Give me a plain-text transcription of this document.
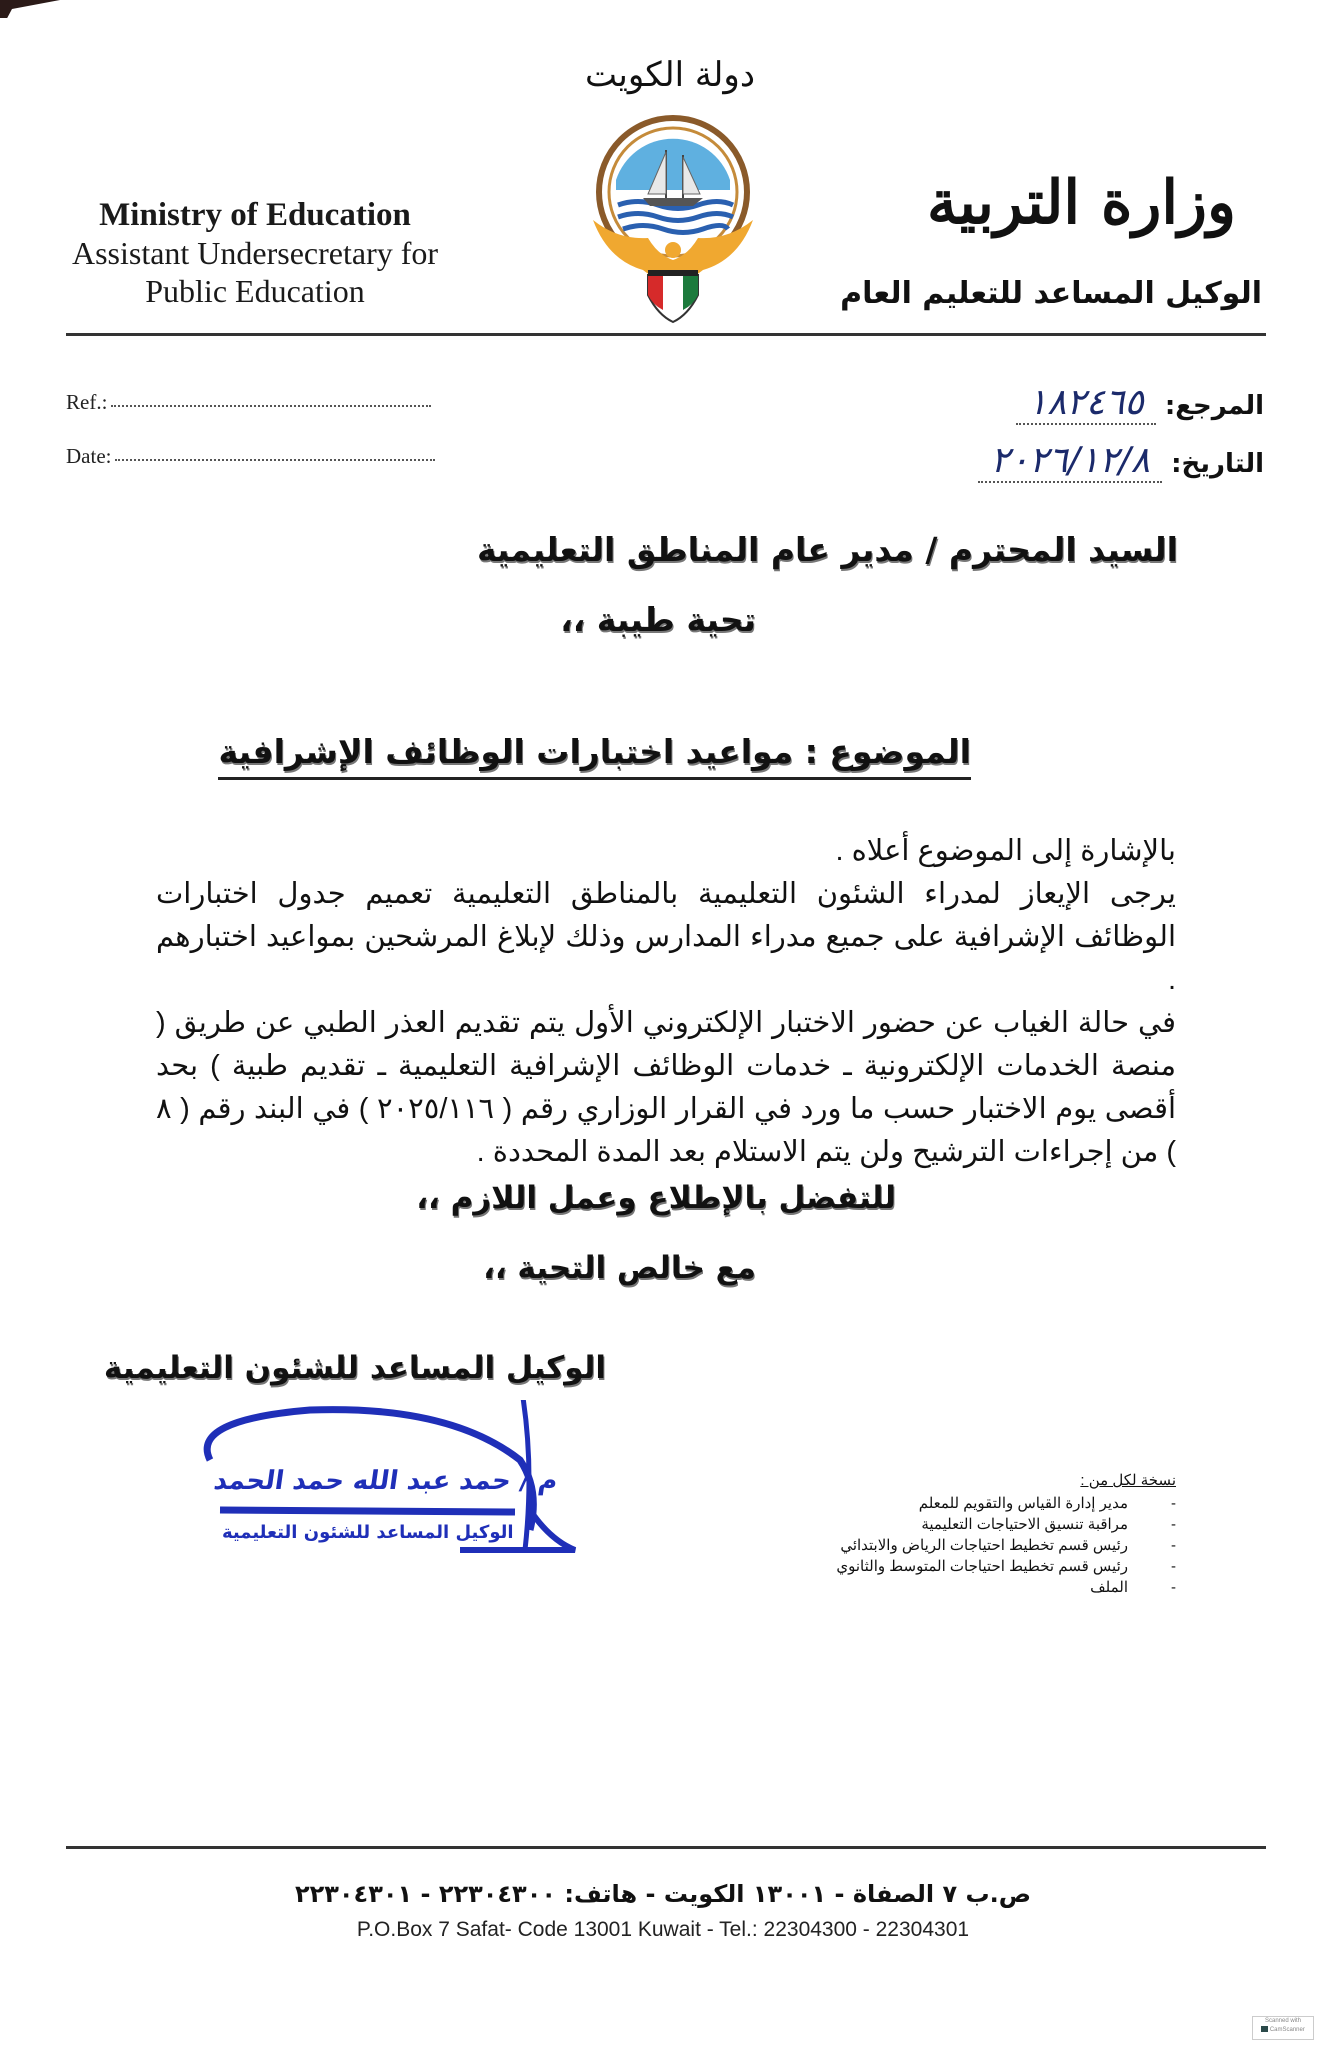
Ministry of Education
Assistant Undersecretary for
Public Education
دولة الكويت
وزارة التربية
الوكيل المساعد للتعليم العام
Ref.:
Date:
المرجع: ١٨٢٤٦٥
التاريخ: ٢٠٢٦/١٢/٨
السيد المحترم / مدير عام المناطق التعليمية
تحية طيبة ،،
الموضوع : مواعيد اختبارات الوظائف الإشرافية

بالإشارة إلى الموضوع أعلاه .

يرجى الإيعاز لمدراء الشئون التعليمية بالمناطق التعليمية تعميم جدول اختبارات الوظائف الإشرافية على جميع مدراء المدارس وذلك لإبلاغ المرشحين بمواعيد اختبارهم .

في حالة الغياب عن حضور الاختبار الإلكتروني الأول يتم تقديم العذر الطبي عن طريق ( منصة الخدمات الإلكترونية ـ خدمات الوظائف الإشرافية التعليمية ـ تقديم طبية ) بحد أقصى يوم الاختبار حسب ما ورد في القرار الوزاري رقم ( ٢٠٢٥/١١٦ ) في البند رقم ( ٨ ) من إجراءات الترشيح ولن يتم الاستلام بعد المدة المحددة .

للتفضل بالإطلاع وعمل اللازم ،،
مع خالص التحية ،،
الوكيل المساعد للشئون التعليمية
م / حمد عبد الله حمد الحمد
الوكيل المساعد للشئون التعليمية
نسخة لكل من :
-
مدير إدارة القياس والتقويم للمعلم
-
مراقبة تنسيق الاحتياجات التعليمية
-
رئيس قسم تخطيط احتياجات الرياض والابتدائي
-
رئيس قسم تخطيط احتياجات المتوسط والثانوي
-
الملف
ص.ب ٧ الصفاة - ١٣٠٠١ الكويت - هاتف: ٢٢٣٠٤٣٠٠ - ٢٢٣٠٤٣٠١
P.O.Box 7 Safat- Code 13001 Kuwait - Tel.: 22304300 - 22304301
Scanned with
CamScanner
